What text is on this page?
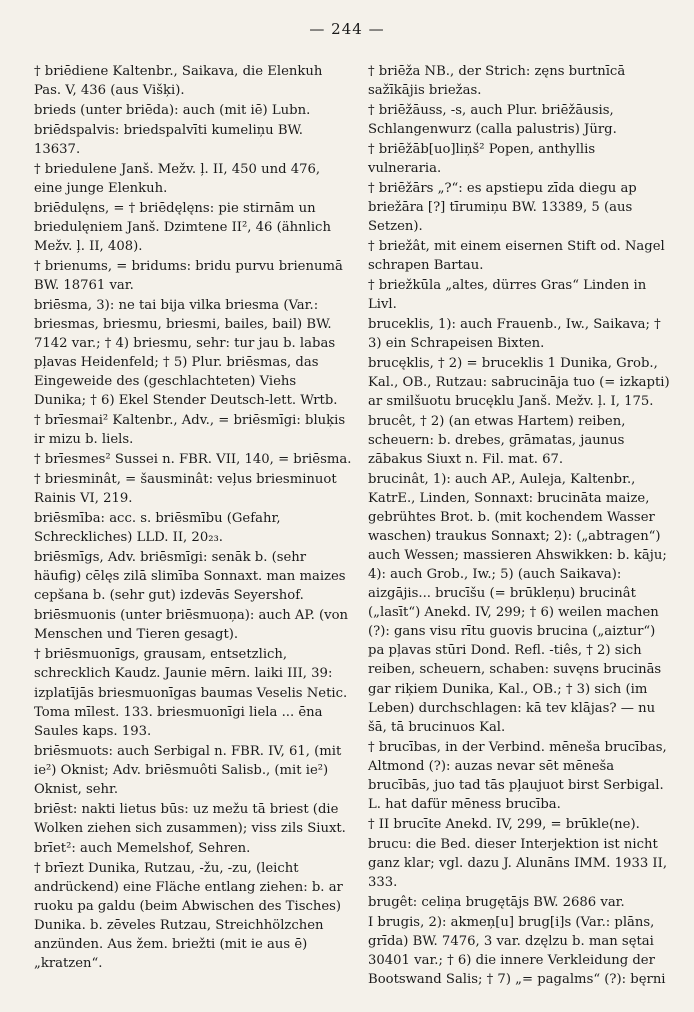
— 244 —

† briēdiene Kaltenbr., Saikava, die Elenkuh Pas. V, 436 (aus Višķi).

brieds (unter briēda): auch (mit iē) Lubn.

briēdspalvis: briedspalvīti kumeliņu BW. 13637.

† briedulene Janš. Mežv. ļ. II, 450 und 476, eine junge Elenkuh.

briēdulęns, = † briēdęlęns: pie stirnām un briedulęniem Janš. Dzimtene II², 46 (ähnlich Mežv. ļ. II, 408).

† brienums, = bridums: bridu purvu brienumā BW. 18761 var.

briēsma, 3): ne tai bija vilka briesma (Var.: briesmas, briesmu, briesmi, bailes, bail) BW. 7142 var.; † 4) briesmu, sehr: tur jau b. labas pļavas Heidenfeld; † 5) Plur. briēsmas, das Eingeweide des (geschlachteten) Viehs Dunika; † 6) Ekel Stender Deutsch-lett. Wrtb.

† brīesmai² Kaltenbr., Adv., = briēsmīgi: bluķis ir mizu b. liels.

† brīesmes² Sussei n. FBR. VII, 140, = briēsma.

† briesminât, = šausminât: veļus briesminuot Rainis VI, 219.

briēsmība: acc. s. briēsmību (Gefahr, Schreckliches) LLD. II, 20₂₃.

briēsmīgs, Adv. briēsmīgi: senāk b. (sehr häufig) cēlęs zilā slimība Sonnaxt. man maizes cepšana b. (sehr gut) izdevās Seyershof.

briēsmuonis (unter briēsmuoņa): auch AP. (von Menschen und Tieren gesagt).

† briēsmuonīgs, grausam, entsetzlich, schrecklich Kaudz. Jaunie mērn. laiki III, 39: izplatījās briesmuonīgas baumas Veselis Netic. Toma mīlest. 133. briesmuonīgi liela ... ēna Saules kaps. 193.

briēsmuots: auch Serbigal n. FBR. IV, 61, (mit ie²) Oknist; Adv. briēsmuôti Salisb., (mit ie²) Oknist, sehr.

briēst: nakti lietus būs: uz mežu tā briest (die Wolken ziehen sich zusammen); viss zils Siuxt.

brīet²: auch Memelshof, Sehren.

† brīezt Dunika, Rutzau, -žu, -zu, (leicht andrückend) eine Fläche entlang ziehen: b. ar ruoku pa galdu (beim Abwischen des Tisches) Dunika. b. zēveles Rutzau, Streichhölzchen anzünden. Aus žem. briežti (mit ie aus ē) „kratzen“.

† briēža NB., der Strich: zęns burtnīcā sažīkājis briežas.

† briēžāuss, -s, auch Plur. briēžāusis, Schlangenwurz (calla palustris) Jürg.

† briēžāb[uo]liņš² Popen, anthyllis vulneraria.

† briēžārs „?“: es apstiepu zīda diegu ap briežāra [?] tīrumiņu BW. 13389, 5 (aus Setzen).

† briežât, mit einem eisernen Stift od. Nagel schrapen Bartau.

† briežkūla „altes, dürres Gras“ Linden in Livl.

bruceklis, 1): auch Frauenb., Iw., Saikava; † 3) ein Schrapeisen Bixten.

brucęklis, † 2) = bruceklis 1 Dunika, Grob., Kal., OB., Rutzau: sabrucināja tuo (= izkapti) ar smilšuotu brucęklu Janš. Mežv. ļ. I, 175.

brucêt, † 2) (an etwas Hartem) reiben, scheuern: b. drebes, grāmatas, jaunus zābakus Siuxt n. Fil. mat. 67.

brucinât, 1): auch AP., Auleja, Kaltenbr., KatrE., Linden, Sonnaxt: brucināta maize, gebrühtes Brot. b. (mit kochendem Wasser waschen) traukus Sonnaxt; 2): („abtragen“) auch Wessen; massieren Ahswikken: b. kāju; 4): auch Grob., Iw.; 5) (auch Saikava): aizgājis... brucīšu (= brūkleņu) brucinât („lasīt“) Anekd. IV, 299; † 6) weilen machen (?): gans visu rītu guovis brucina („aiztur“) pa pļavas stūri Dond. Refl. -tiês, † 2) sich reiben, scheuern, schaben: suvęns brucinās gar riķiem Dunika, Kal., OB.; † 3) sich (im Leben) durchschlagen: kā tev klājas? — nu šā, tā brucinuos Kal.

† brucības, in der Verbind. mēneša brucības, Altmond (?): auzas nevar sēt mēneša brucībās, juo tad tās pļaujuot birst Serbigal. L. hat dafür mēness brucība.

† II brucīte Anekd. IV, 299, = brūkle(ne).

brucu: die Bed. dieser Interjektion ist nicht ganz klar; vgl. dazu J. Alunāns IMM. 1933 II, 333.

brugêt: celiņa brugętājs BW. 2686 var.

I brugis, 2): akmeņ[u] brug[i]s (Var.: plāns, grīda) BW. 7476, 3 var. dzęlzu b. man sętai 30401 var.; † 6) die innere Verkleidung der Bootswand Salis; † 7) „= pagalms“ (?): bęrni
